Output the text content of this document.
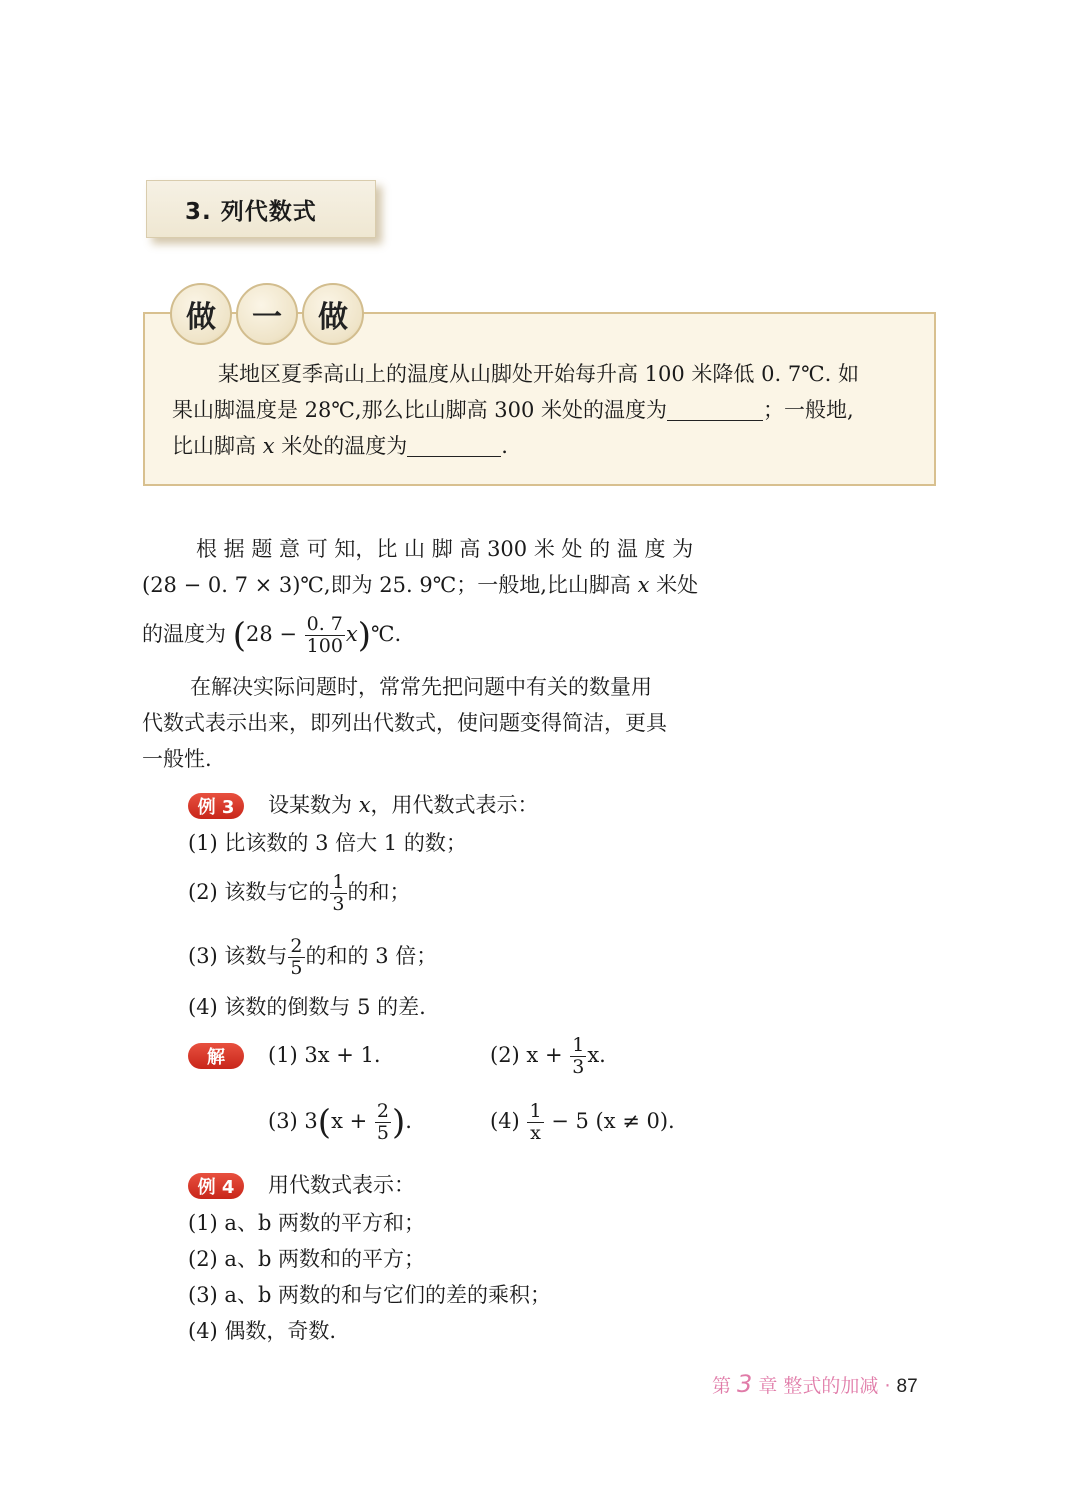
3. 列代数式
做	一	做
某地区夏季高山上的温度从山脚处开始每升高 100 米降低 0. 7℃. 如
果山脚温度是 28℃,那么比山脚高 300 米处的温度为	；一般地,
比山脚高 x 米处的温度为	.
根 据 题 意 可 知，比 山 脚 高 300 米 处 的 温 度 为
(28 − 0. 7 × 3)℃,即为 25. 9℃；一般地,比山脚高 x 米处
的温度为 ($28 - \frac{0. 7}{100}$ x)℃.
在解决实际问题时，常常先把问题中有关的数量用
代数式表示出来，即列出代数式，使问题变得简洁，更具
一般性.
例 3	设某数为 x，用代数式表示：
(1) 比该数的 3 倍大 1 的数；
(2) 该数与它的 $\frac{1}{3}$ 的和；
(3) 该数与 $\frac{2}{5}$ 的和的 3 倍；
(4) 该数的倒数与 5 的差.
解	(1) 3x + 1.	(2) $x + \frac{1}{3} x$.
(3) $3(x + \frac{2}{5}$ ).	$(4) \frac{1}{x} - 5$ (x ≠ 0).
例 4	用代数式表示：
(1) a、b 两数的平方和；
(2) a、b 两数和的平方；
(3) a、b 两数的和与它们的差的乘积；
(4) 偶数，奇数.
第 3 章 整式的加减 · 87
